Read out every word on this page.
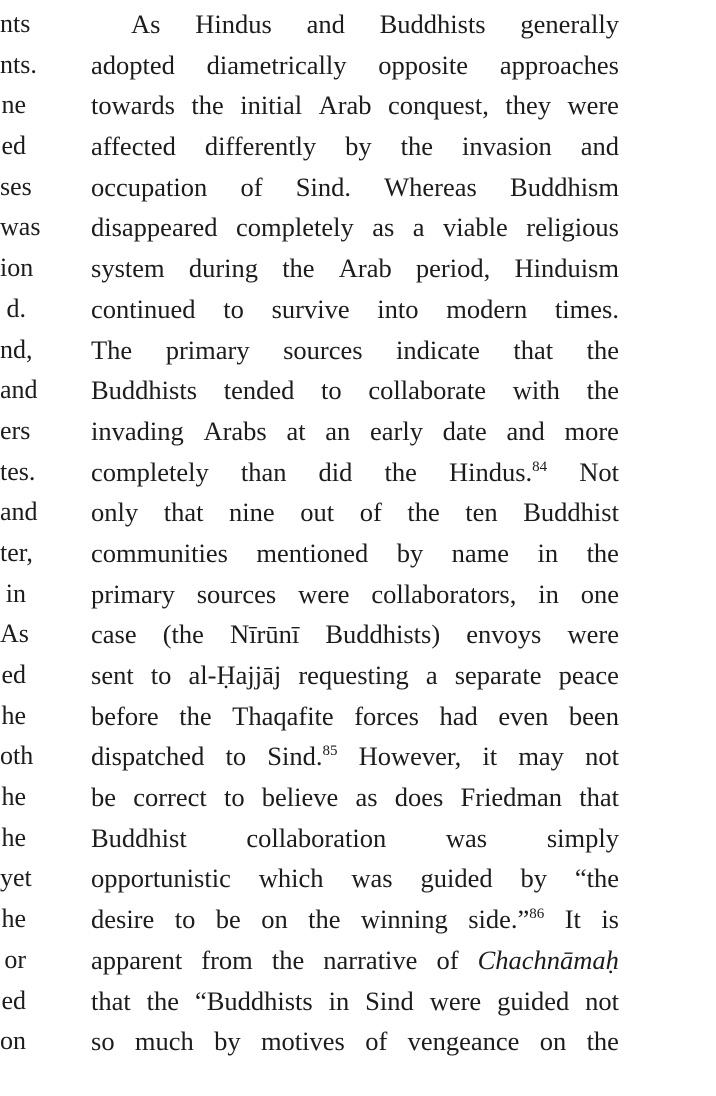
nts
nts.
ne
ed
ses
was
ion
d.
nd,
and
ers
tes.
and
ter,
in
As
ed
he
oth
he
he
yet
he
or
ed
on
As Hindus and Buddhists generally
adopted diametrically opposite approaches
towards the initial Arab conquest, they were
affected differently by the invasion and
occupation of Sind. Whereas Buddhism
disappeared completely as a viable religious
system during the Arab period, Hinduism
continued to survive into modern times.
The primary sources indicate that the
Buddhists tended to collaborate with the
invading Arabs at an early date and more
completely than did the Hindus.$^{84}$ Not
only that nine out of the ten Buddhist
communities mentioned by name in the
primary sources were collaborators, in one
case (the Nīrūnī Buddhists) envoys were
sent to al-Ḥajjāj requesting a separate peace
before the Thaqafite forces had even been
dispatched to Sind.$^{85}$ However, it may not
be correct to believe as does Friedman that
Buddhist collaboration was simply
opportunistic which was guided by “the
desire to be on the winning side.”$^{86}$ It is
apparent from the narrative of Chachnāmaḥ
that the “Buddhists in Sind were guided not
so much by motives of vengeance on the
